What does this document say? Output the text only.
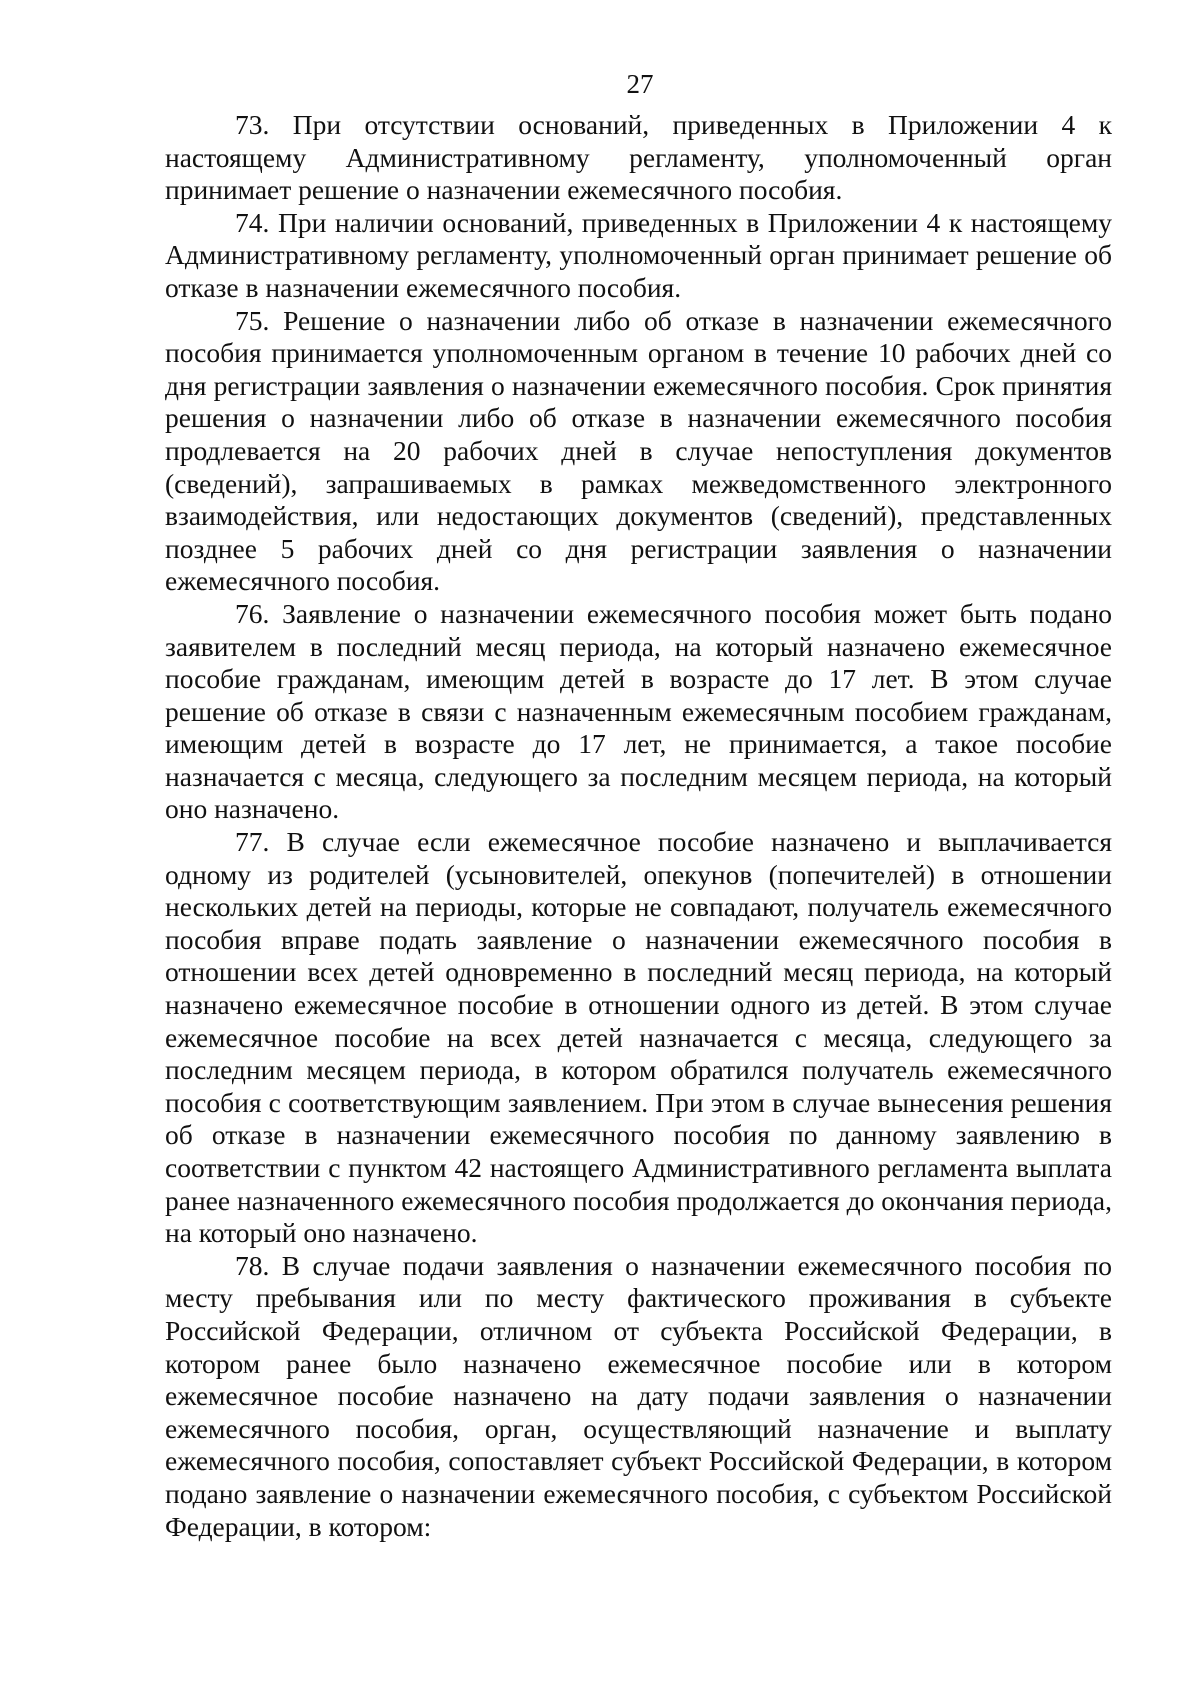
27

73. При отсутствии оснований, приведенных в Приложении 4 к настоящему Административному регламенту, уполномоченный орган принимает решение о назначении ежемесячного пособия.

74. При наличии оснований, приведенных в Приложении 4 к настоящему Административному регламенту, уполномоченный орган принимает решение об отказе в назначении ежемесячного пособия.

75. Решение о назначении либо об отказе в назначении ежемесячного пособия принимается уполномоченным органом в течение 10 рабочих дней со дня регистрации заявления о назначении ежемесячного пособия. Срок принятия решения о назначении либо об отказе в назначении ежемесячного пособия продлевается на 20 рабочих дней в случае непоступления документов (сведений), запрашиваемых в рамках межведомственного электронного взаимодействия, или недостающих документов (сведений), представленных позднее 5 рабочих дней со дня регистрации заявления о назначении ежемесячного пособия.

76. Заявление о назначении ежемесячного пособия может быть подано заявителем в последний месяц периода, на который назначено ежемесячное пособие гражданам, имеющим детей в возрасте до 17 лет. В этом случае решение об отказе в связи с назначенным ежемесячным пособием гражданам, имеющим детей в возрасте до 17 лет, не принимается, а такое пособие назначается с месяца, следующего за последним месяцем периода, на который оно назначено.

77. В случае если ежемесячное пособие назначено и выплачивается одному из родителей (усыновителей, опекунов (попечителей) в отношении нескольких детей на периоды, которые не совпадают, получатель ежемесячного пособия вправе подать заявление о назначении ежемесячного пособия в отношении всех детей одновременно в последний месяц периода, на который назначено ежемесячное пособие в отношении одного из детей. В этом случае ежемесячное пособие на всех детей назначается с месяца, следующего за последним месяцем периода, в котором обратился получатель ежемесячного пособия с соответствующим заявлением. При этом в случае вынесения решения об отказе в назначении ежемесячного пособия по данному заявлению в соответствии с пунктом 42 настоящего Административного регламента выплата ранее назначенного ежемесячного пособия продолжается до окончания периода, на который оно назначено.

78. В случае подачи заявления о назначении ежемесячного пособия по месту пребывания или по месту фактического проживания в субъекте Российской Федерации, отличном от субъекта Российской Федерации, в котором ранее было назначено ежемесячное пособие или в котором ежемесячное пособие назначено на дату подачи заявления о назначении ежемесячного пособия, орган, осуществляющий назначение и выплату ежемесячного пособия, сопоставляет субъект Российской Федерации, в котором подано заявление о назначении ежемесячного пособия, с субъектом Российской Федерации, в котором:
